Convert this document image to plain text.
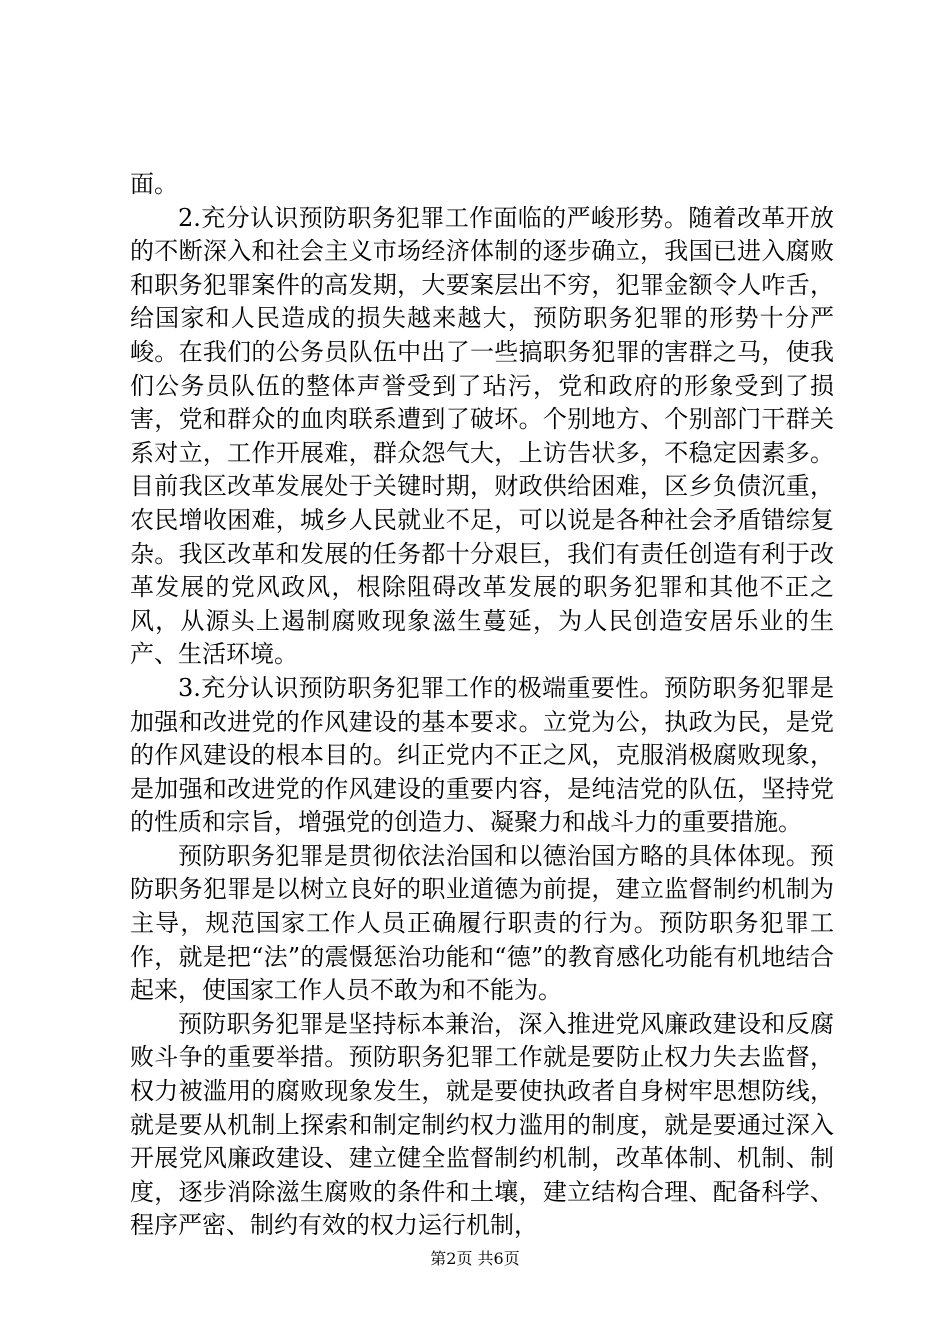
面。

2.充分认识预防职务犯罪工作面临的严峻形势。随着改革开放的不断深入和社会主义市场经济体制的逐步确立，我国已进入腐败和职务犯罪案件的高发期，大要案层出不穷，犯罪金额令人咋舌，给国家和人民造成的损失越来越大，预防职务犯罪的形势十分严峻。在我们的公务员队伍中出了一些搞职务犯罪的害群之马，使我们公务员队伍的整体声誉受到了玷污，党和政府的形象受到了损害，党和群众的血肉联系遭到了破坏。个别地方、个别部门干群关系对立，工作开展难，群众怨气大，上访告状多，不稳定因素多。目前我区改革发展处于关键时期，财政供给困难，区乡负债沉重，农民增收困难，城乡人民就业不足，可以说是各种社会矛盾错综复杂。我区改革和发展的任务都十分艰巨，我们有责任创造有利于改革发展的党风政风，根除阻碍改革发展的职务犯罪和其他不正之风，从源头上遏制腐败现象滋生蔓延，为人民创造安居乐业的生产、生活环境。

3.充分认识预防职务犯罪工作的极端重要性。预防职务犯罪是加强和改进党的作风建设的基本要求。立党为公，执政为民，是党的作风建设的根本目的。纠正党内不正之风，克服消极腐败现象，是加强和改进党的作风建设的重要内容，是纯洁党的队伍，坚持党的性质和宗旨，增强党的创造力、凝聚力和战斗力的重要措施。

预防职务犯罪是贯彻依法治国和以德治国方略的具体体现。预防职务犯罪是以树立良好的职业道德为前提，建立监督制约机制为主导，规范国家工作人员正确履行职责的行为。预防职务犯罪工作，就是把“法”的震慑惩治功能和“德”的教育感化功能有机地结合起来，使国家工作人员不敢为和不能为。

预防职务犯罪是坚持标本兼治，深入推进党风廉政建设和反腐败斗争的重要举措。预防职务犯罪工作就是要防止权力失去监督，权力被滥用的腐败现象发生，就是要使执政者自身树牢思想防线，就是要从机制上探索和制定制约权力滥用的制度，就是要通过深入开展党风廉政建设、建立健全监督制约机制，改革体制、机制、制度，逐步消除滋生腐败的条件和土壤，建立结构合理、配备科学、程序严密、制约有效的权力运行机制，

第2页 共6页
